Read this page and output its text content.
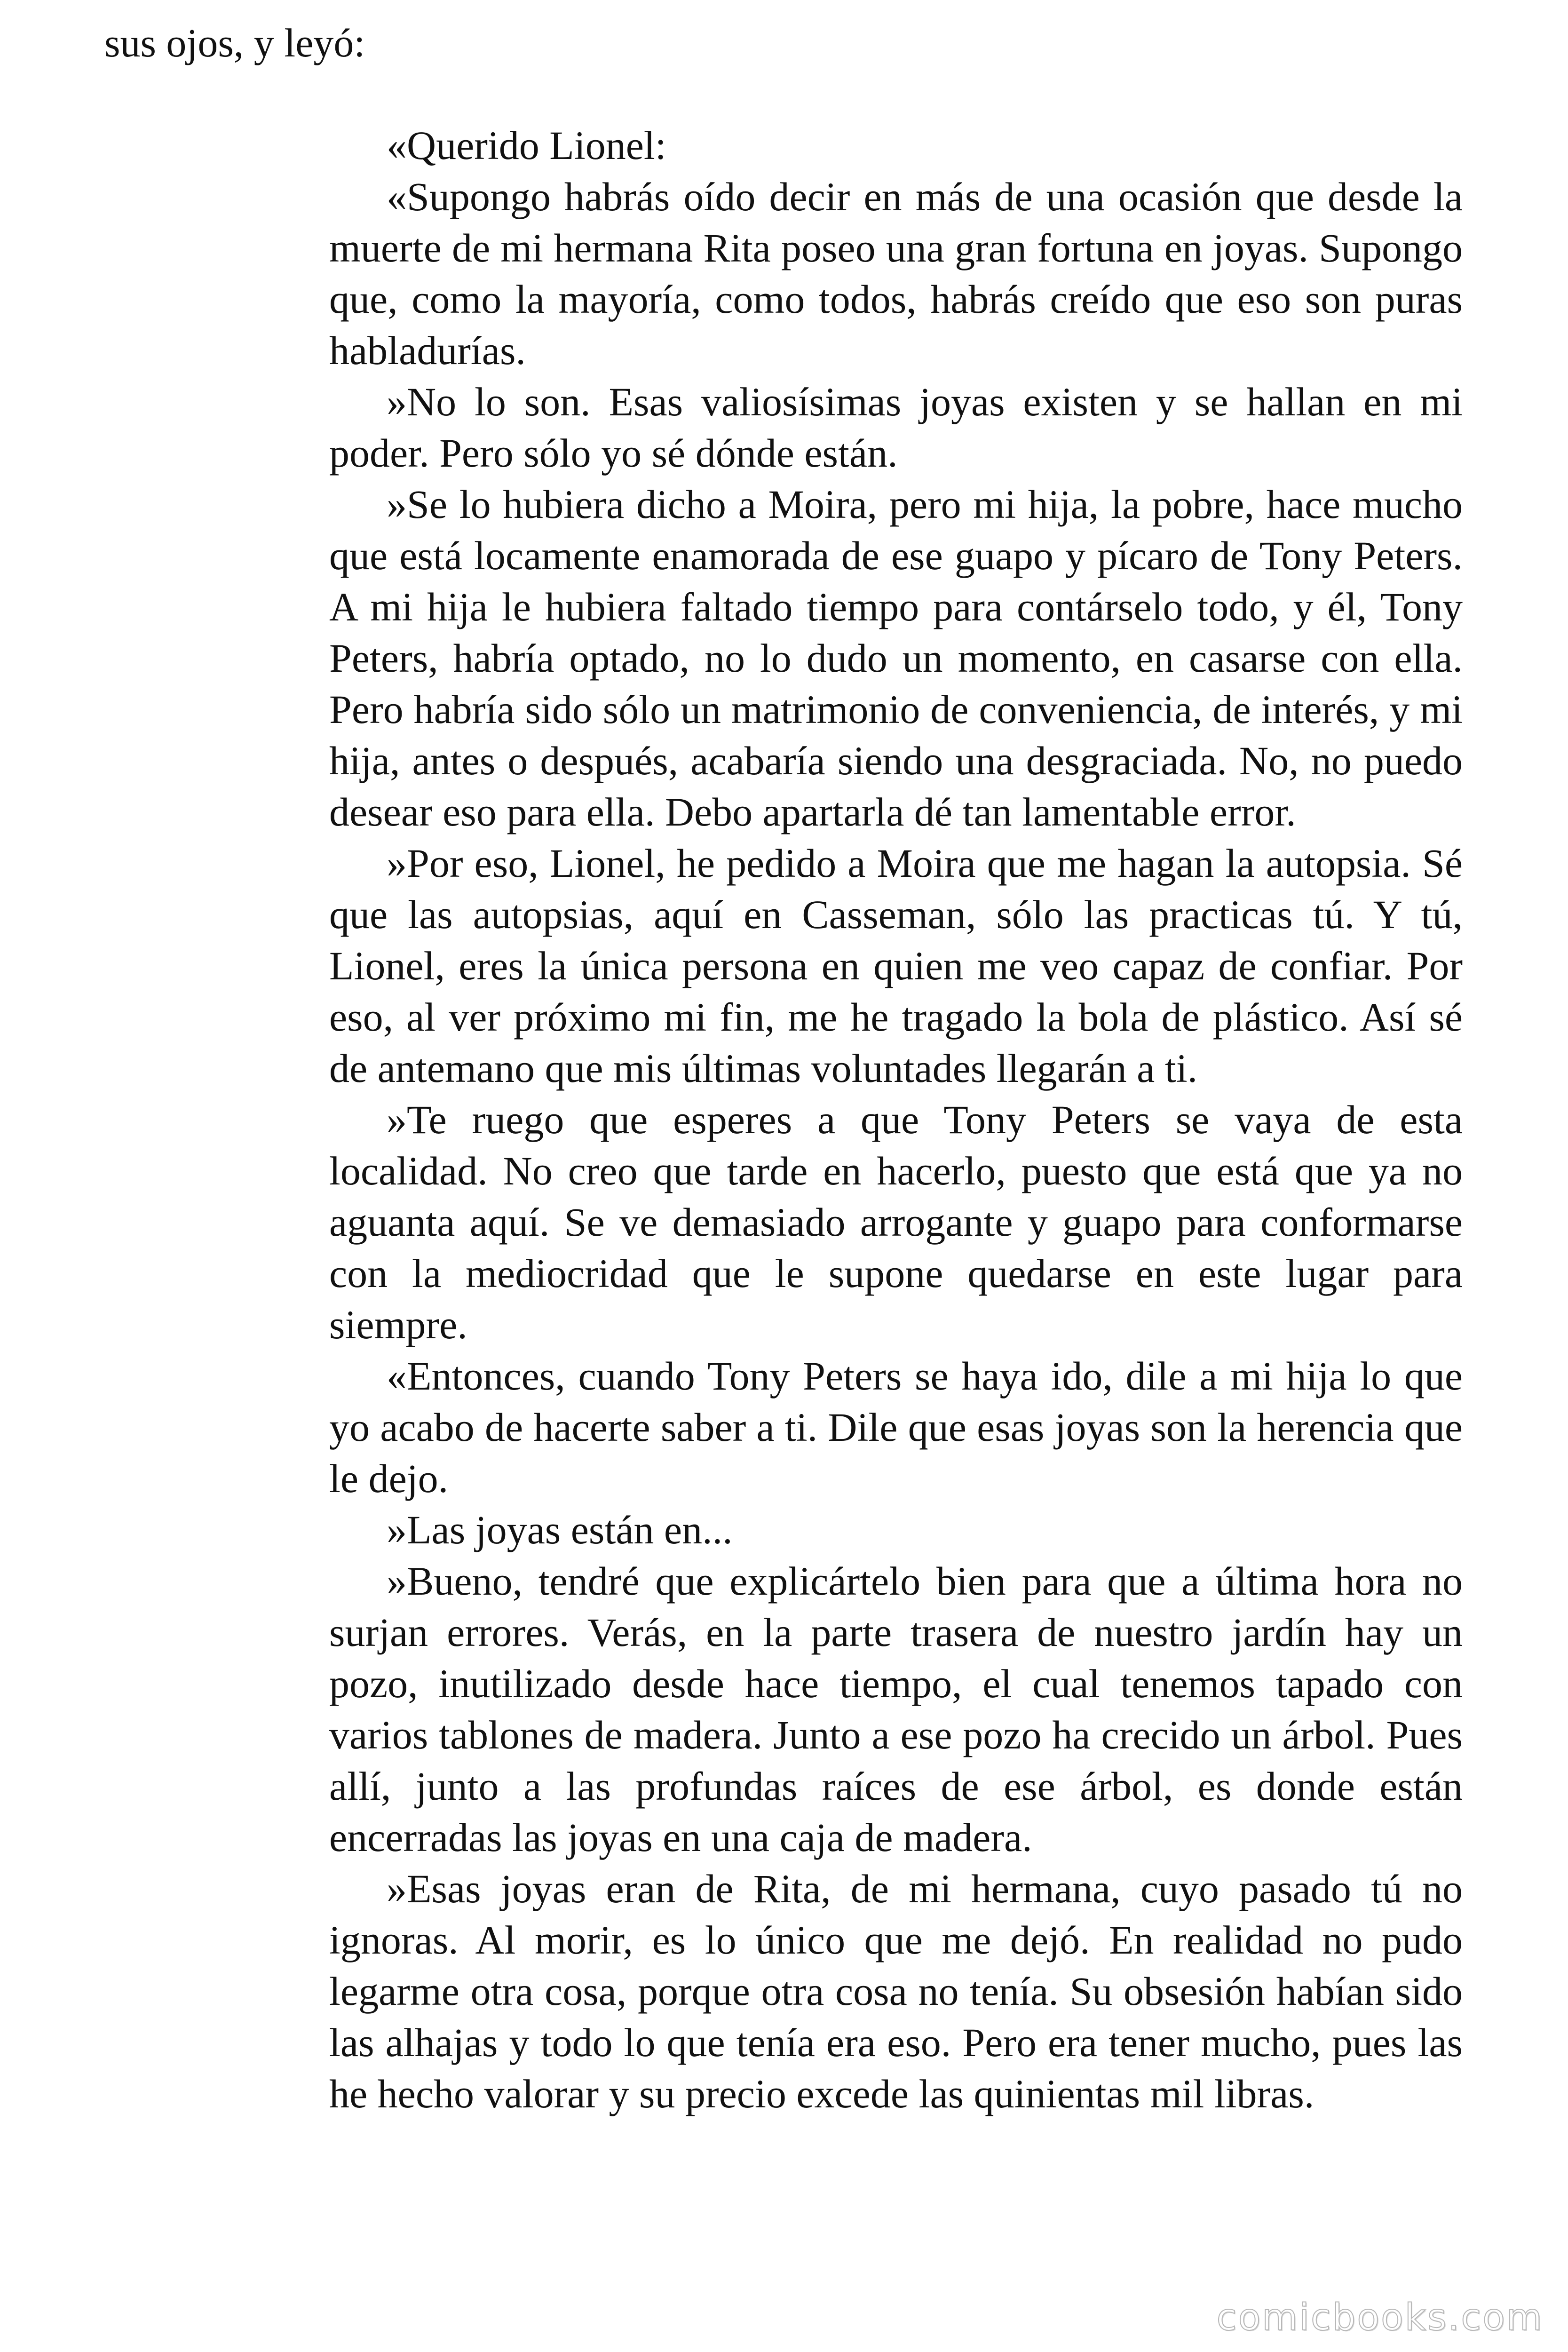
sus ojos, y leyó:

«Querido Lionel:

«Supongo habrás oído decir en más de una ocasión que desde la muerte de mi hermana Rita poseo una gran fortuna en joyas. Supongo que, como la mayoría, como todos, habrás creído que eso son puras habladurías.

»No lo son. Esas valiosísimas joyas existen y se hallan en mi poder. Pero sólo yo sé dónde están.

»Se lo hubiera dicho a Moira, pero mi hija, la pobre, hace mucho que está locamente enamorada de ese guapo y pícaro de Tony Peters. A mi hija le hubiera faltado tiempo para contárselo todo, y él, Tony Peters, habría optado, no lo dudo un momento, en casarse con ella. Pero habría sido sólo un matrimonio de conveniencia, de interés, y mi hija, antes o después, acabaría siendo una desgraciada. No, no puedo desear eso para ella. Debo apartarla dé tan lamentable error.

»Por eso, Lionel, he pedido a Moira que me hagan la autopsia. Sé que las autopsias, aquí en Casseman, sólo las practicas tú. Y tú, Lionel, eres la única persona en quien me veo capaz de confiar. Por eso, al ver próximo mi fin, me he tragado la bola de plástico. Así sé de antemano que mis últimas voluntades llegarán a ti.

»Te ruego que esperes a que Tony Peters se vaya de esta localidad. No creo que tarde en hacerlo, puesto que está que ya no aguanta aquí. Se ve demasiado arrogante y guapo para conformarse con la mediocridad que le supone quedarse en este lugar para siempre.

«Entonces, cuando Tony Peters se haya ido, dile a mi hija lo que yo acabo de hacerte saber a ti. Dile que esas joyas son la herencia que le dejo.

»Las joyas están en...

»Bueno, tendré que explicártelo bien para que a última hora no surjan errores. Verás, en la parte trasera de nuestro jardín hay un pozo, inutilizado desde hace tiempo, el cual tenemos tapado con varios tablones de madera. Junto a ese pozo ha crecido un árbol. Pues allí, junto a las profundas raíces de ese árbol, es donde están encerradas las joyas en una caja de madera.

»Esas joyas eran de Rita, de mi hermana, cuyo pasado tú no ignoras. Al morir, es lo único que me dejó. En realidad no pudo legarme otra cosa, porque otra cosa no tenía. Su obsesión habían sido las alhajas y todo lo que tenía era eso. Pero era tener mucho, pues las he hecho valorar y su precio excede las quinientas mil libras.

comicbooks.com
